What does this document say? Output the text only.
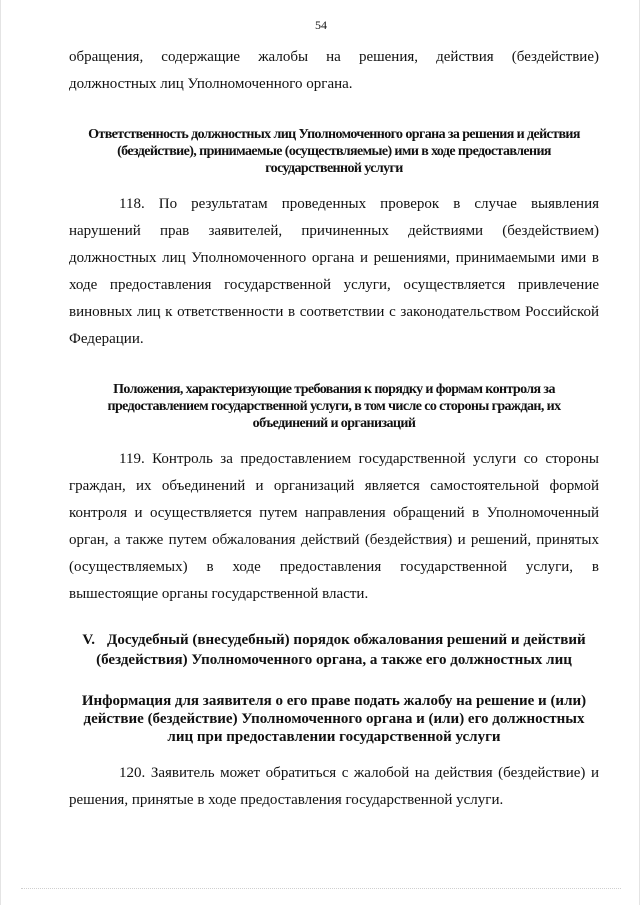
54

обращения, содержащие жалобы на решения, действия (бездействие) должностных лиц Уполномоченного органа.

Ответственность должностных лиц Уполномоченного органа за решения и действия (бездействие), принимаемые (осуществляемые) ими в ходе предоставления государственной услуги

118. По результатам проведенных проверок в случае выявления нарушений прав заявителей, причиненных действиями (бездействием) должностных лиц Уполномоченного органа и решениями, принимаемыми ими в ходе предоставления государственной услуги, осуществляется привлечение виновных лиц к ответственности в соответствии с законодательством Российской Федерации.

Положения, характеризующие требования к порядку и формам контроля за предоставлением государственной услуги, в том числе со стороны граждан, их объединений и организаций

119. Контроль за предоставлением государственной услуги со стороны граждан, их объединений и организаций является самостоятельной формой контроля и осуществляется путем направления обращений в Уполномоченный орган, а также путем обжалования действий (бездействия) и решений, принятых (осуществляемых) в ходе предоставления государственной услуги, в вышестоящие органы государственной власти.

V. Досудебный (внесудебный) порядок обжалования решений и действий (бездействия) Уполномоченного органа, а также его должностных лиц

Информация для заявителя о его праве подать жалобу на решение и (или) действие (бездействие) Уполномоченного органа и (или) его должностных лиц при предоставлении государственной услуги

120. Заявитель может обратиться с жалобой на действия (бездействие) и решения, принятые в ходе предоставления государственной услуги.
